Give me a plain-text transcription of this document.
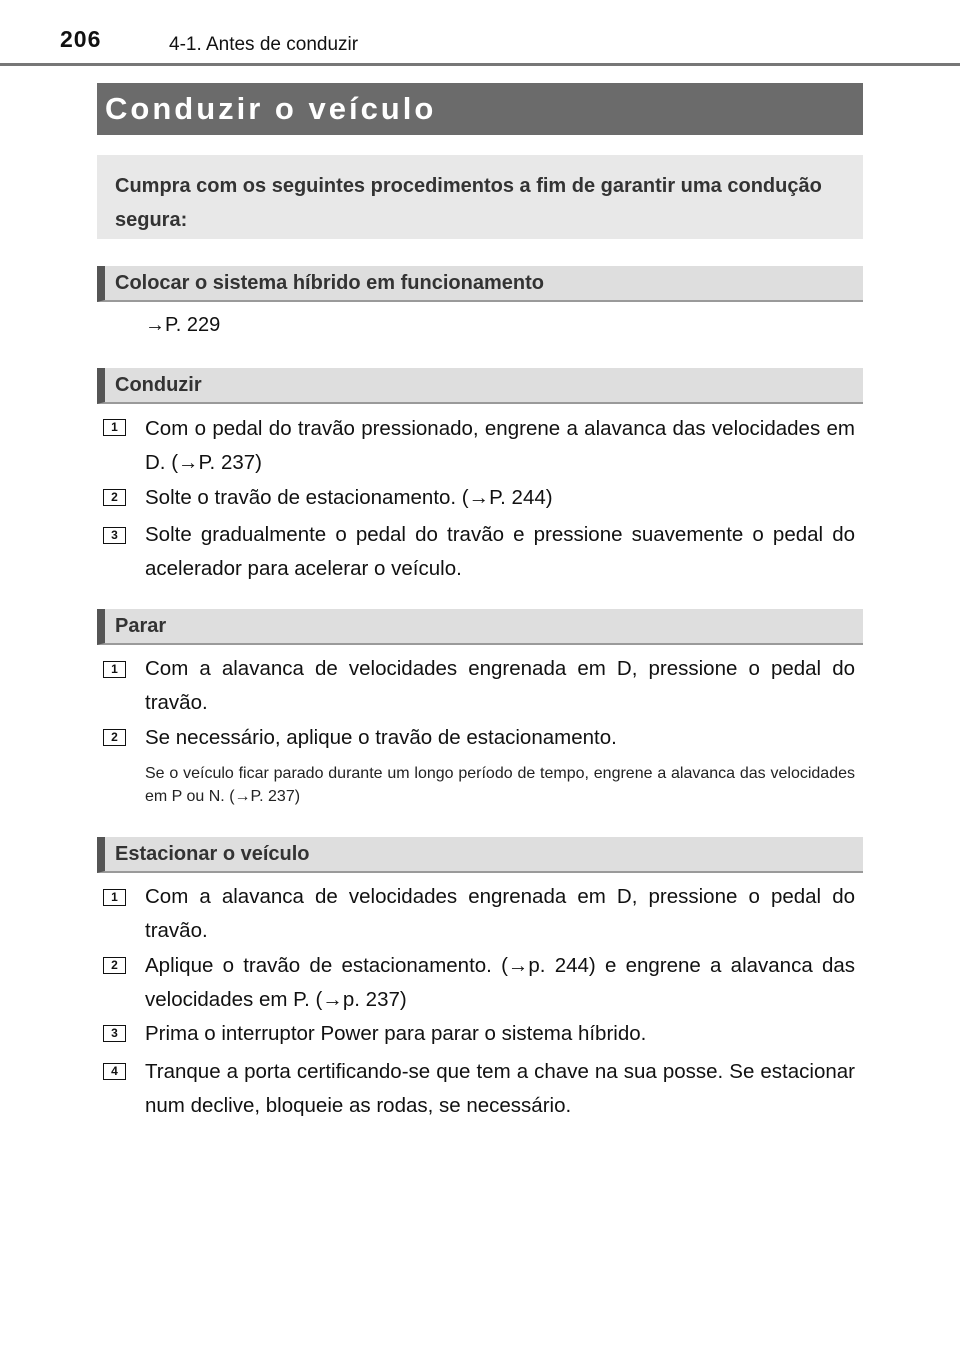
206	4-1. Antes de conduzir
Conduzir o veículo
Cumpra com os seguintes procedimentos a fim de garantir uma condução segura:
Colocar o sistema híbrido em funcionamento
→P. 229
Conduzir
1	Com o pedal do travão pressionado, engrene a alavanca das velocidades em D. (→P. 237)
2	Solte o travão de estacionamento. (→P. 244)
3	Solte gradualmente o pedal do travão e pressione suavemente o pedal do acelerador para acelerar o veículo.
Parar
1	Com a alavanca de velocidades engrenada em D, pressione o pedal do travão.
2	Se necessário, aplique o travão de estacionamento.
Se o veículo ficar parado durante um longo período de tempo, engrene a alavanca das velocidades em P ou N. (→P. 237)
Estacionar o veículo
1	Com a alavanca de velocidades engrenada em D, pressione o pedal do travão.
2	Aplique o travão de estacionamento. (→p. 244) e engrene a alavanca das velocidades em P. (→p. 237)
3	Prima o interruptor Power para parar o sistema híbrido.
4	Tranque a porta certificando-se que tem a chave na sua posse. Se estacionar num declive, bloqueie as rodas, se necessário.
